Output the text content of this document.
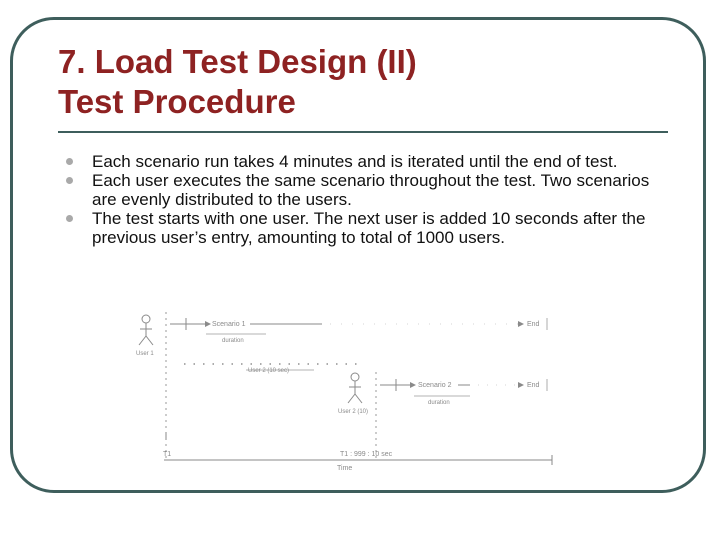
7. Load Test Design (II)
Test Procedure
Each scenario run takes 4 minutes and is iterated until the end of test.
Each user executes the same scenario throughout the test. Two scenarios are evenly distributed to the users.
The test starts with one user. The next user is added 10 seconds after the previous user’s entry, amounting to total of 1000 users.
User 1
Scenario 1
duration
End
User 2 (10 sec)
User 2 (10)
Scenario 2
duration
End
T1	T1 : 999 : 10 sec
Time
